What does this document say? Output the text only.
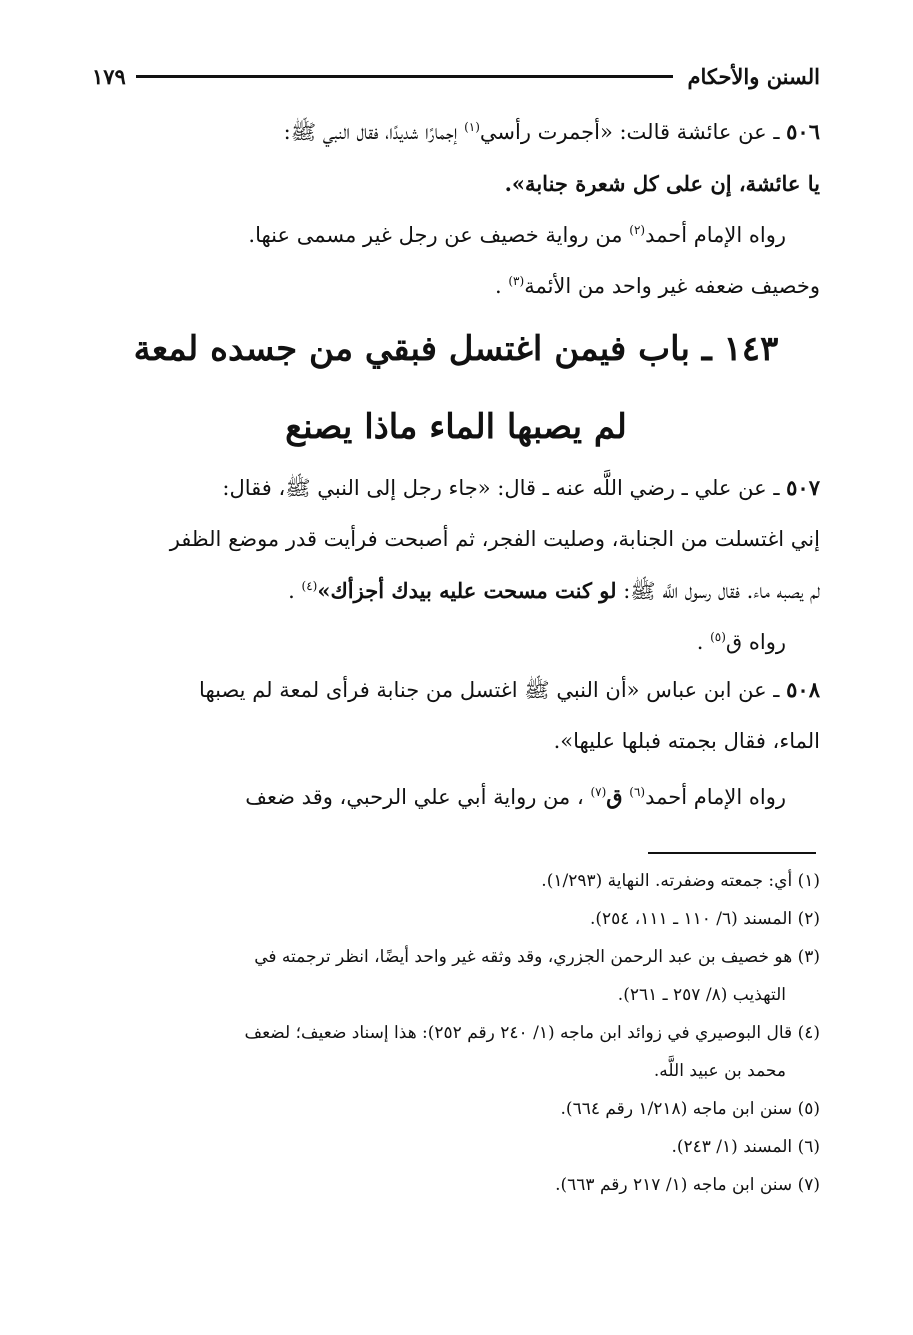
السنن والأحكام
١٧٩

٥٠٦ ـ عن عائشة قالت: «أجمرت رأسي$^{(١)}$ إجمارًا شديدًا، فقال النبي ﷺ:

يا عائشة، إن على كل شعرة جنابة».

رواه الإمام أحمد$^{(٢)}$ من رواية خصيف عن رجل غير مسمى عنها.

وخصيف ضعفه غير واحد من الأئمة$^{(٣)}$ .

١٤٣ ـ باب فيمن اغتسل فبقي من جسده لمعة
لم يصبها الماء ماذا يصنع

٥٠٧ ـ عن علي ـ رضي اللَّه عنه ـ قال: «جاء رجل إلى النبي ﷺ، فقال:

إني اغتسلت من الجنابة، وصليت الفجر، ثم أصبحت فرأيت قدر موضع الظفر

لم يصبه ماء. فقال رسول اللَّه ﷺ: لو كنت مسحت عليه بيدك أجزأك»$^{(٤)}$ .

رواه ق$^{(٥)}$ .

٥٠٨ ـ عن ابن عباس «أن النبي ﷺ اغتسل من جنابة فرأى لمعة لم يصبها

الماء، فقال بجمته فبلها عليها».

رواه الإمام أحمد$^{(٦)}$ ق$^{(٧)}$ ، من رواية أبي علي الرحبي، وقد ضعف

(١) أي: جمعته وضفرته. النهاية (١/٢٩٣).

(٢) المسند (٦/ ١١٠ ـ ١١١، ٢٥٤).

(٣) هو خصيف بن عبد الرحمن الجزري، وقد وثقه غير واحد أيضًا، انظر ترجمته في
التهذيب (٨/ ٢٥٧ ـ ٢٦١).

(٤) قال البوصيري في زوائد ابن ماجه (١/ ٢٤٠ رقم ٢٥٢): هذا إسناد ضعيف؛ لضعف
محمد بن عبيد اللَّه.

(٥) سنن ابن ماجه (١/٢١٨ رقم ٦٦٤).

(٦) المسند (١/ ٢٤٣).

(٧) سنن ابن ماجه (١/ ٢١٧ رقم ٦٦٣).
